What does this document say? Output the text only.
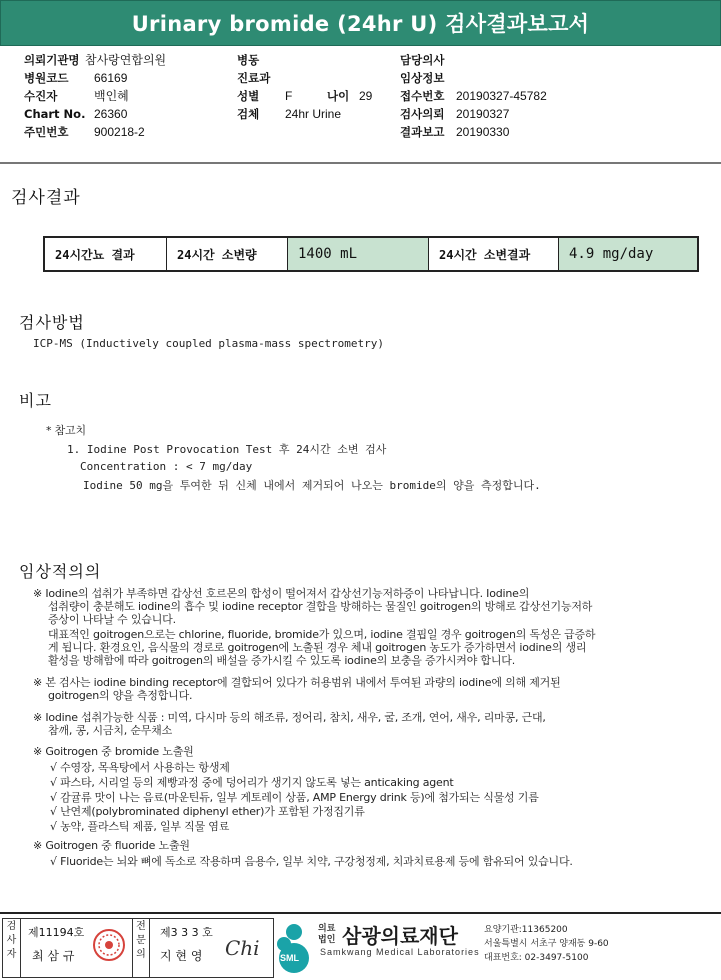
Urinary bromide (24hr U) 검사결과보고서
의뢰기관명 참사랑연합의원
병원코드	66169
수진자	백인혜
Chart No. 26360
주민번호	900218-2
병동
진료과
성별	F	나이 29
검체	24hr Urine
담당의사
임상정보
접수번호 20190327-45782
검사의뢰 20190327
결과보고 20190330
검사결과
24시간뇨 결과	24시간 소변량	1400 mL	24시간 소변결과	4.9 mg/day
검사방법
ICP-MS (Inductively coupled plasma-mass spectrometry)
비고
* 참고치
1. Iodine Post Provocation Test 후 24시간 소변 검사
Concentration : < 7 mg/day
Iodine 50 mg을 투여한 뒤 신체 내에서 제거되어 나오는 bromide의 양을 측정합니다.
임상적의의
※ Iodine의 섭취가 부족하면 갑상선 호르몬의 합성이 떨어져서 갑상선기능저하증이 나타납니다. Iodine의
섭취량이 충분해도 iodine의 흡수 및 iodine receptor 결합을 방해하는 물질인 goitrogen의 방해로 갑상선기능저하
증상이 나타날 수 있습니다.
대표적인 goitrogen으로는 chlorine, fluoride, bromide가 있으며, iodine 결핍일 경우 goitrogen의 독성은 급증하
게 됩니다. 환경요인, 음식물의 경로로 goitrogen에 노출된 경우 체내 goitrogen 농도가 증가하면서 iodine의 생리
활성을 방해함에 따라 goitrogen의 배설을 증가시킬 수 있도록 iodine의 보충을 증가시켜야 합니다.
※ 본 검사는 iodine binding receptor에 결합되어 있다가 허용범위 내에서 투여된 과량의 iodine에 의해 제거된
goitrogen의 양을 측정합니다.
※ Iodine 섭취가능한 식품 : 미역, 다시마 등의 해조류, 정어리, 참치, 새우, 굴, 조개, 연어, 새우, 리마콩, 근대,
참깨, 콩, 시금치, 순무채소
※ Goitrogen 중 bromide 노출원
√ 수영장, 목욕탕에서 사용하는 항생제
√ 파스타, 시리얼 등의 제빵과정 중에 덩어리가 생기지 않도록 넣는 anticaking agent
√ 감귤류 맛이 나는 음료(마운틴듀, 일부 게토레이 상품, AMP Energy drink 등)에 첨가되는 식물성 기름
√ 난연제(polybrominated diphenyl ether)가 포함된 가정집기류
√ 농약, 플라스틱 제품, 일부 직물 염료
※ Goitrogen 중 fluoride 노출원
√ Fluoride는 뇌와 뼈에 독소로 작용하며 음용수, 일부 치약, 구강청정제, 치과치료용제 등에 함유되어 있습니다.
검사자
제11194호
최 삼 규
전문의
제3 3 3 호
지 현 영 Chi SML
의료 법인 삼광의료재단
Samkwang Medical Laboratories
요양기관:11365200
서울특별시 서초구 양재동 9-60
대표번호: 02-3497-5100
